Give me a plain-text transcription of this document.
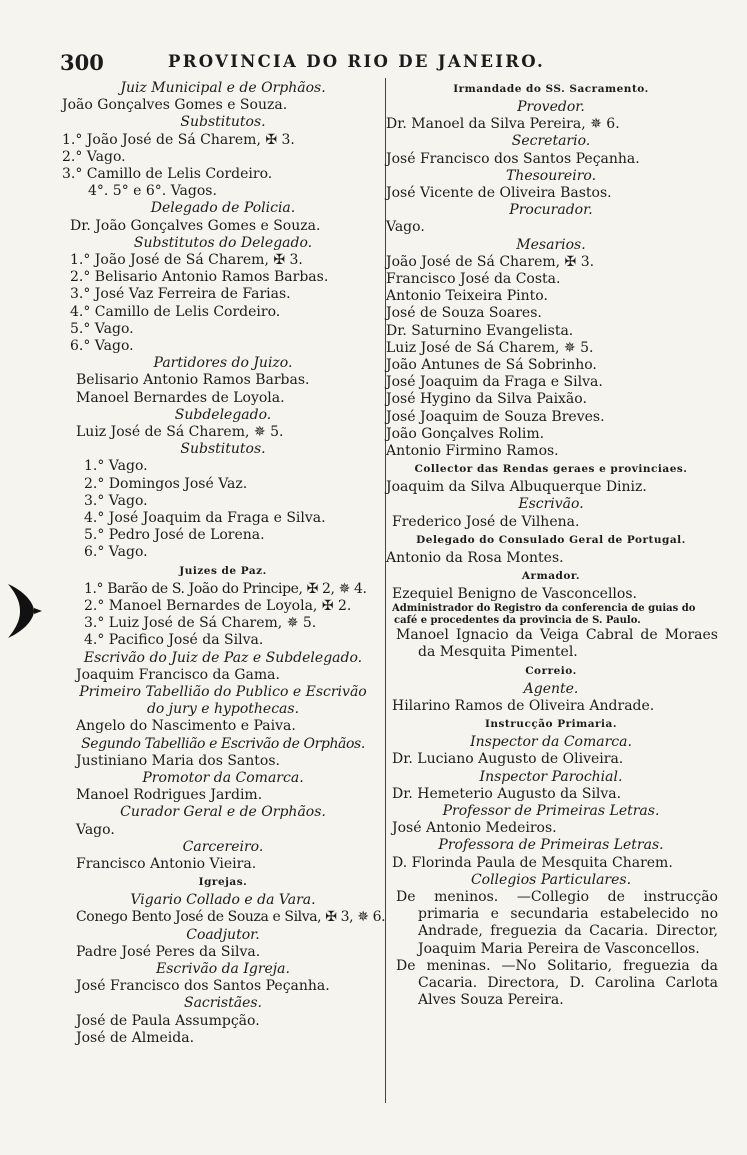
300	PROVINCIA DO RIO DE JANEIRO.

Juiz Municipal e de Orphãos.

João Gonçalves Gomes e Souza.

Substitutos.

1.° João José de Sá Charem, ✠ 3.

2.° Vago.

3.° Camillo de Lelis Cordeiro.

4°. 5° e 6°. Vagos.

Delegado de Policia.

Dr. João Gonçalves Gomes e Souza.

Substitutos do Delegado.

1.° João José de Sá Charem, ✠ 3.

2.° Belisario Antonio Ramos Barbas.

3.° José Vaz Ferreira de Farias.

4.° Camillo de Lelis Cordeiro.

5.° Vago.

6.° Vago.

Partidores do Juizo.

Belisario Antonio Ramos Barbas.

Manoel Bernardes de Loyola.

Subdelegado.

Luiz José de Sá Charem, ✵ 5.

Substitutos.

1.° Vago.

2.° Domingos José Vaz.

3.° Vago.

4.° José Joaquim da Fraga e Silva.

5.° Pedro José de Lorena.

6.° Vago.

Juizes de Paz.

1.° Barão de S. João do Principe, ✠ 2, ✵ 4.

2.° Manoel Bernardes de Loyola, ✠ 2.

3.° Luiz José de Sá Charem, ✵ 5.

4.° Pacifico José da Silva.

Escrivão do Juiz de Paz e Subdelegado.

Joaquim Francisco da Gama.

Primeiro Tabellião do Publico e Escrivão

do jury e hypothecas.

Angelo do Nascimento e Paiva.

Segundo Tabellião e Escrivão de Orphãos.

Justiniano Maria dos Santos.

Promotor da Comarca.

Manoel Rodrigues Jardim.

Curador Geral e de Orphãos.

Vago.

Carcereiro.

Francisco Antonio Vieira.

Igrejas.

Vigario Collado e da Vara.

Conego Bento José de Souza e Silva, ✠ 3, ✵ 6.

Coadjutor.

Padre José Peres da Silva.

Escrivão da Igreja.

José Francisco dos Santos Peçanha.

Sacristães.

José de Paula Assumpção.

José de Almeida.

Irmandade do SS. Sacramento.

Provedor.

Dr. Manoel da Silva Pereira, ✵ 6.

Secretario.

José Francisco dos Santos Peçanha.

Thesoureiro.

José Vicente de Oliveira Bastos.

Procurador.

Vago.

Mesarios.

João José de Sá Charem, ✠ 3.

Francisco José da Costa.

Antonio Teixeira Pinto.

José de Souza Soares.

Dr. Saturnino Evangelista.

Luiz José de Sá Charem, ✵ 5.

João Antunes de Sá Sobrinho.

José Joaquim da Fraga e Silva.

José Hygino da Silva Paixão.

José Joaquim de Souza Breves.

João Gonçalves Rolim.

Antonio Firmino Ramos.

Collector das Rendas geraes e provinciaes.

Joaquim da Silva Albuquerque Diniz.

Escrivão.

Frederico José de Vilhena.

Delegado do Consulado Geral de Portugal.

Antonio da Rosa Montes.

Armador.

Ezequiel Benigno de Vasconcellos.

Administrador do Registro da conferencia de guias do café e procedentes da provincia de S. Paulo.

Manoel Ignacio da Veiga Cabral de Moraes da Mesquita Pimentel.

Correio.

Agente.

Hilarino Ramos de Oliveira Andrade.

Instrucção Primaria.

Inspector da Comarca.

Dr. Luciano Augusto de Oliveira.

Inspector Parochial.

Dr. Hemeterio Augusto da Silva.

Professor de Primeiras Letras.

José Antonio Medeiros.

Professora de Primeiras Letras.

D. Florinda Paula de Mesquita Charem.

Collegios Particulares.

De meninos. —Collegio de instrucção primaria e secundaria estabelecido no Andrade, freguezia da Cacaria. Director, Joaquim Maria Pereira de Vasconcellos.

De meninas. —No Solitario, freguezia da Cacaria. Directora, D. Carolina Carlota Alves Souza Pereira.
